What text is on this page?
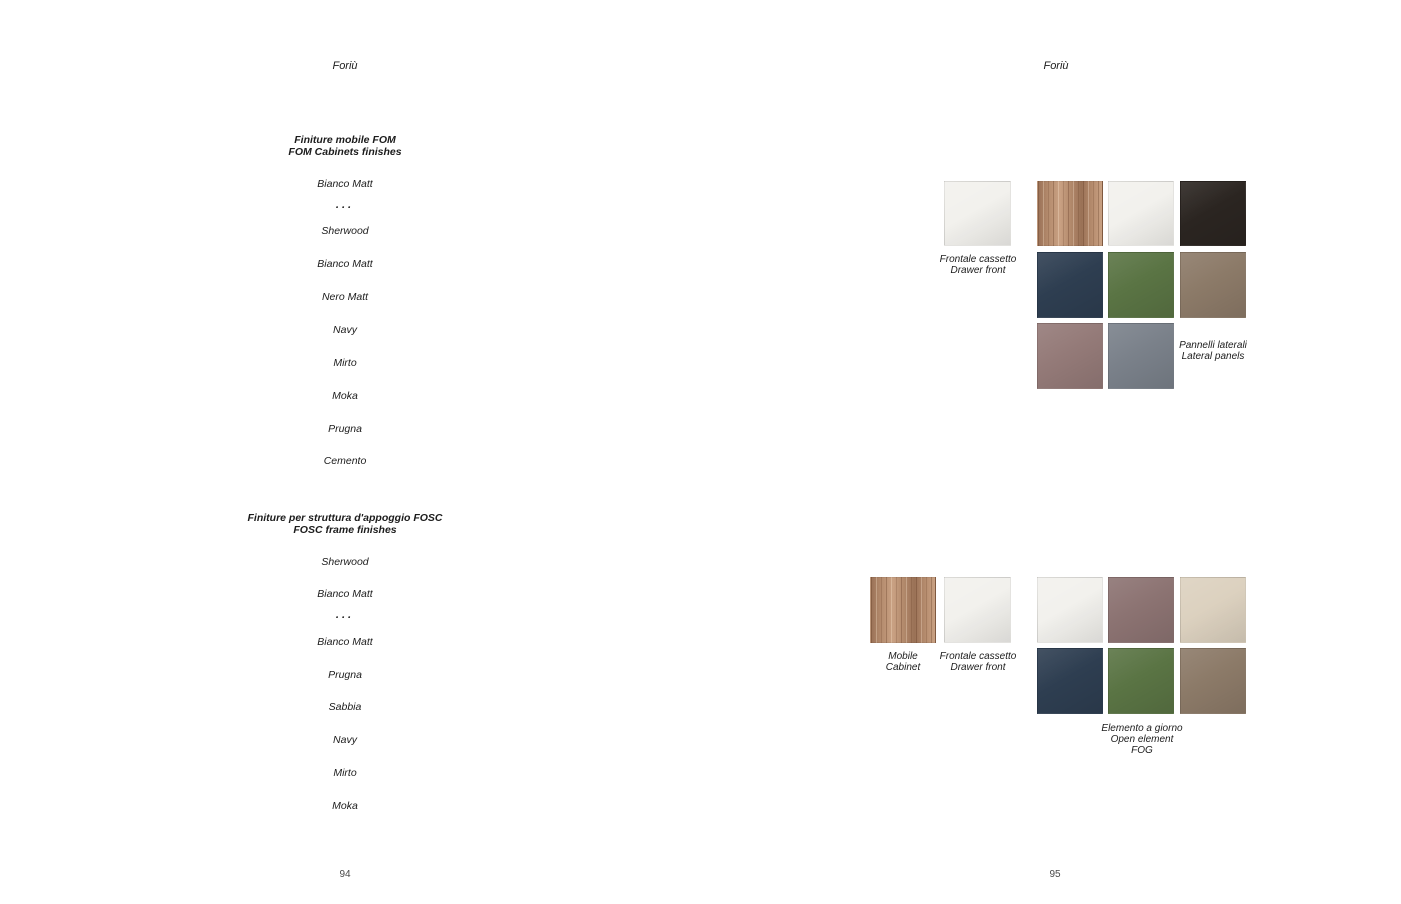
Foriù
Finiture mobile FOM
FOM Cabinets finishes
Bianco Matt
...
Sherwood
Bianco Matt
Nero Matt
Navy
Mirto
Moka
Prugna
Cemento
Finiture per struttura d'appoggio FOSC
FOSC frame finishes
Sherwood
Bianco Matt
...
Bianco Matt
Prugna
Sabbia
Navy
Mirto
Moka
94
Foriù
Frontale cassetto
Drawer front
Pannelli laterali
Lateral panels
Mobile
Cabinet
Frontale cassetto
Drawer front
Elemento a giorno
Open element
FOG
95
